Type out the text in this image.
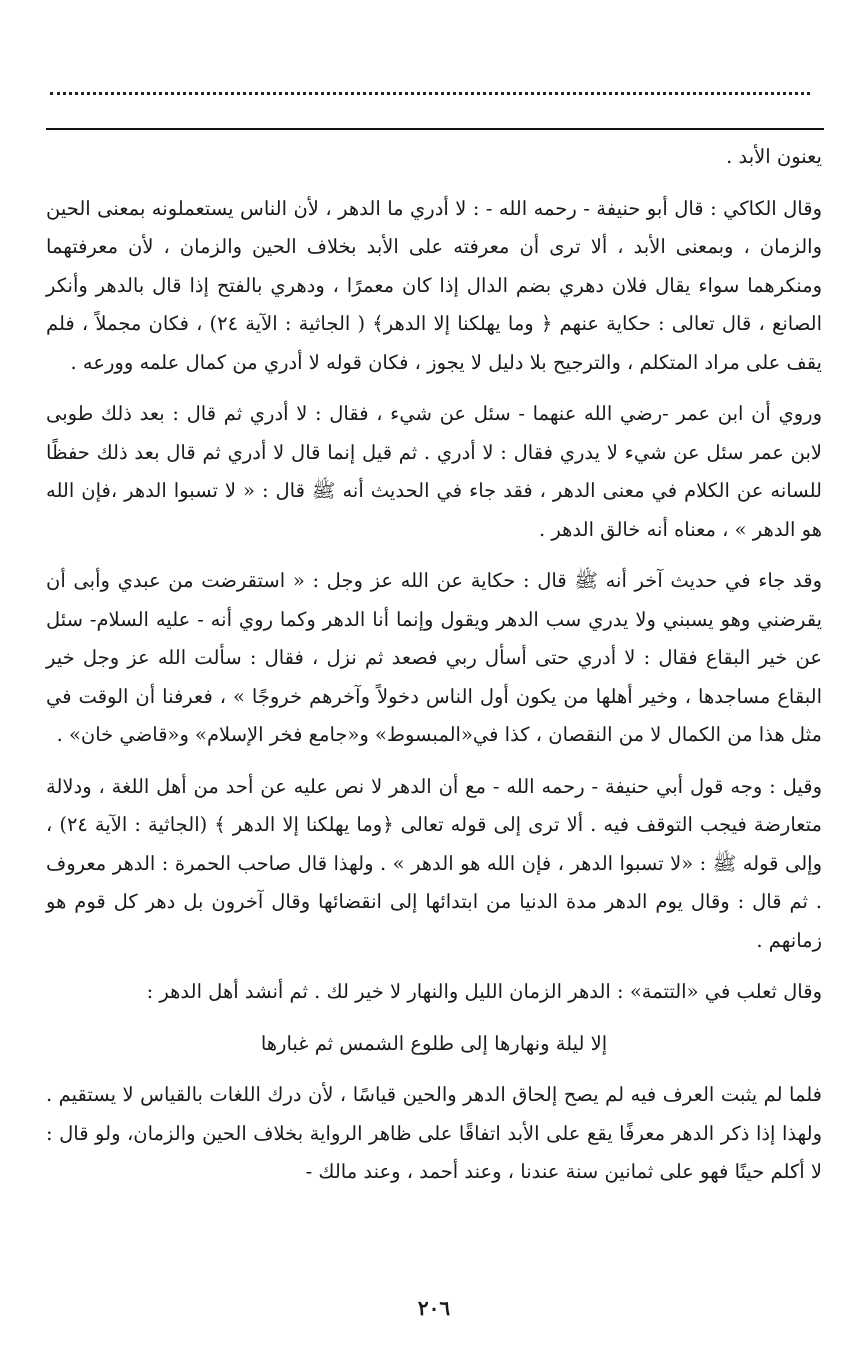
يعنون الأبد .

وقال الكاكي : قال أبو حنيفة - رحمه الله - : لا أدري ما الدهر ، لأن الناس يستعملونه بمعنى الحين والزمان ، وبمعنى الأبد ، ألا ترى أن معرفته على الأبد بخلاف الحين والزمان ، لأن معرفتهما ومنكرهما سواء يقال فلان دهري بضم الدال إذا كان معمرًا ، ودهري بالفتح إذا قال بالدهر وأنكر الصانع ، قال تعالى : حكاية عنهم ﴿ وما يهلكنا إلا الدهر﴾ ( الجاثية : الآية ٢٤) ، فكان مجملاً ، فلم يقف على مراد المتكلم ، والترجيح بلا دليل لا يجوز ، فكان قوله لا أدري من كمال علمه وورعه .

وروي أن ابن عمر -رضي الله عنهما - سئل عن شيء ، فقال : لا أدري ثم قال : بعد ذلك طوبى لابن عمر سئل عن شيء لا يدري فقال : لا أدري . ثم قيل إنما قال لا أدري ثم قال بعد ذلك حفظًا للسانه عن الكلام في معنى الدهر ، فقد جاء في الحديث أنه ﷺ قال : « لا تسبوا الدهر ،فإن الله هو الدهر » ، معناه أنه خالق الدهر .

وقد جاء في حديث آخر أنه ﷺ قال : حكاية عن الله عز وجل : « استقرضت من عبدي وأبى أن يقرضني وهو يسبني ولا يدري سب الدهر ويقول وإنما أنا الدهر وكما روي أنه - عليه السلام- سئل عن خير البقاع فقال : لا أدري حتى أسأل ربي فصعد ثم نزل ، فقال : سألت الله عز وجل خير البقاع مساجدها ، وخير أهلها من يكون أول الناس دخولاً وآخرهم خروجًا » ، فعرفنا أن الوقت في مثل هذا من الكمال لا من النقصان ، كذا في«المبسوط» و«جامع فخر الإسلام» و«قاضي خان» .

وقيل : وجه قول أبي حنيفة - رحمه الله - مع أن الدهر لا نص عليه عن أحد من أهل اللغة ، ودلالة متعارضة فيجب التوقف فيه . ألا ترى إلى قوله تعالى ﴿وما يهلكنا إلا الدهر ﴾ (الجاثية : الآية ٢٤) ، وإلى قوله ﷺ : «لا تسبوا الدهر ، فإن الله هو الدهر » . ولهذا قال صاحب الحمرة : الدهر معروف . ثم قال : وقال يوم الدهر مدة الدنيا من ابتدائها إلى انقضائها وقال آخرون بل دهر كل قوم هو زمانهم .

وقال ثعلب في «التتمة» : الدهر الزمان الليل والنهار لا خير لك . ثم أنشد أهل الدهر :

إلا ليلة ونهارها إلى طلوع الشمس ثم غبارها

فلما لم يثبت العرف فيه لم يصح إلحاق الدهر والحين قياسًا ، لأن درك اللغات بالقياس لا يستقيم . ولهذا إذا ذكر الدهر معرفًا يقع على الأبد اتفاقًا على ظاهر الرواية بخلاف الحين والزمان، ولو قال : لا أكلم حينًا فهو على ثمانين سنة عندنا ، وعند أحمد ، وعند مالك -

٢٠٦
